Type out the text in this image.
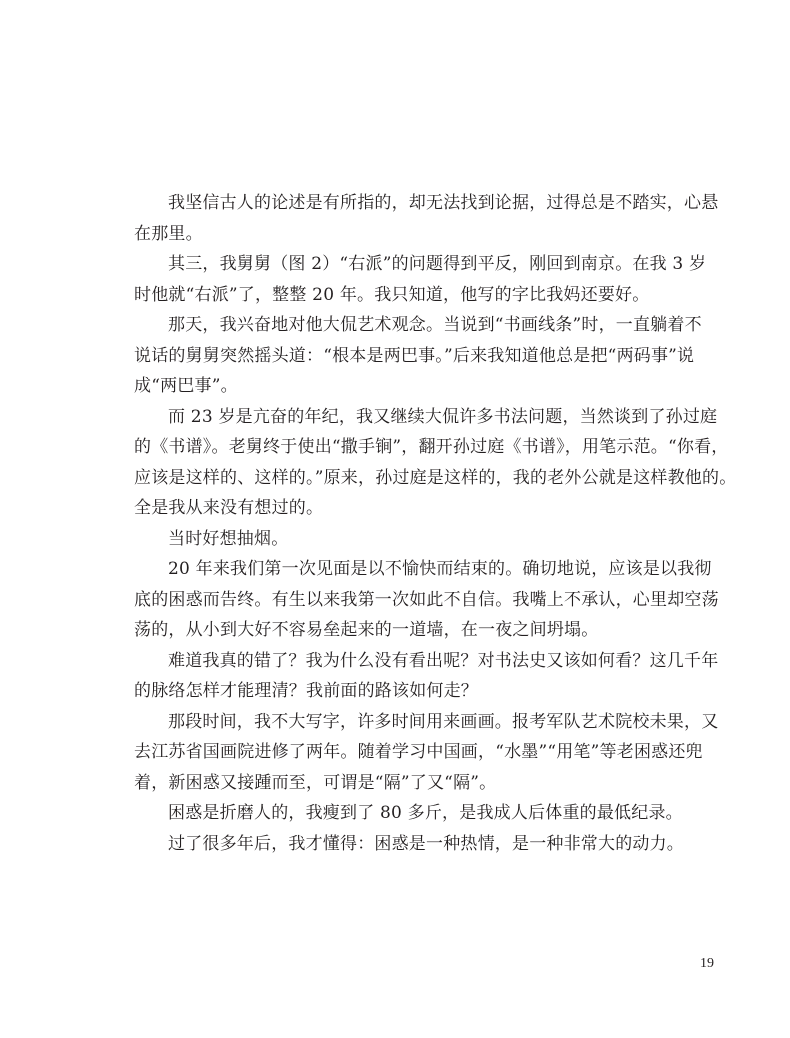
我坚信古人的论述是有所指的，却无法找到论据，过得总是不踏实，心悬
在那里。
其三，我舅舅（图 2）“右派”的问题得到平反，刚回到南京。在我 3 岁
时他就“右派”了，整整 20 年。我只知道，他写的字比我妈还要好。
那天，我兴奋地对他大侃艺术观念。当说到“书画线条”时，一直躺着不
说话的舅舅突然摇头道：“根本是两巴事。”后来我知道他总是把“两码事”说
成“两巴事”。
而 23 岁是亢奋的年纪，我又继续大侃许多书法问题，当然谈到了孙过庭
的《书谱》。老舅终于使出“撒手锏”，翻开孙过庭《书谱》，用笔示范。“你看，
应该是这样的、这样的。”原来，孙过庭是这样的，我的老外公就是这样教他的。
全是我从来没有想过的。
当时好想抽烟。
20 年来我们第一次见面是以不愉快而结束的。确切地说，应该是以我彻
底的困惑而告终。有生以来我第一次如此不自信。我嘴上不承认，心里却空荡
荡的，从小到大好不容易垒起来的一道墙，在一夜之间坍塌。
难道我真的错了？我为什么没有看出呢？对书法史又该如何看？这几千年
的脉络怎样才能理清？我前面的路该如何走？
那段时间，我不大写字，许多时间用来画画。报考军队艺术院校未果，又
去江苏省国画院进修了两年。随着学习中国画，“水墨”“用笔”等老困惑还兜
着，新困惑又接踵而至，可谓是“隔”了又“隔”。
困惑是折磨人的，我瘦到了 80 多斤，是我成人后体重的最低纪录。
过了很多年后，我才懂得：困惑是一种热情，是一种非常大的动力。
19
